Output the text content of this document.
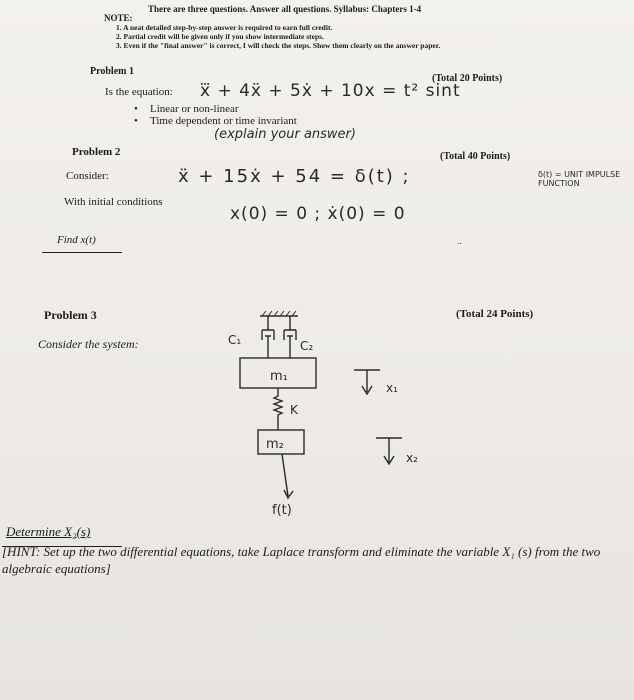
There are three questions. Answer all questions. Syllabus: Chapters 1-4
NOTE:
1. A neat detailed step-by-step answer is required to earn full credit.
2. Partial credit will be given only if you show intermediate steps.
3. Even if the "final answer" is correct, I will check the steps. Show them clearly on the answer paper.
Problem 1
(Total 20 Points)
Is the equation: x⃛ + 4ẍ + 5ẋ + 10x = t² sint
• Linear or non-linear
• Time dependent or time invariant
(explain your answer)
Problem 2	(Total 40 Points)
Consider:	ẍ + 15ẋ + 54 = δ(t) ;	δ(t) = UNIT IMPULSE FUNCTION
With initial conditions
x(0) = 0 ; ẋ(0) = 0
Find x(t)	..
Problem 3	(Total 24 Points)
Consider the system:	C₁	C₂
m₁
K
m₂
x₁
x₂
f(t)
Determine X₂(s)
[HINT: Set up the two differential equations, take Laplace transform and eliminate the variable X₁ (s) from the two algebraic equations]
